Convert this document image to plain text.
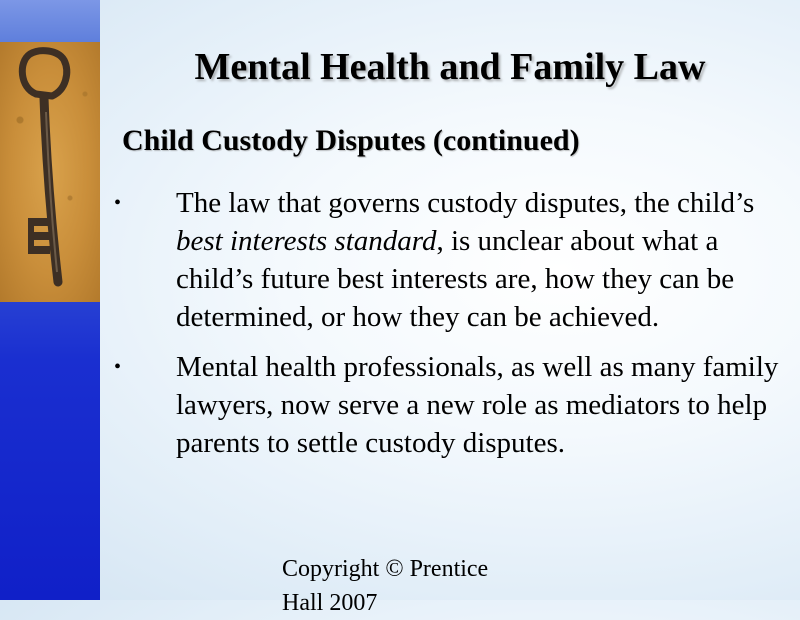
Mental Health and Family Law
Child Custody Disputes (continued)
• The law that governs custody disputes, the child’s best interests standard, is unclear about what a child’s future best interests are, how they can be determined, or how they can be achieved.
• Mental health professionals, as well as many family lawyers, now serve a new role as mediators to help parents to settle custody disputes.
Copyright © Prentice Hall 2007
